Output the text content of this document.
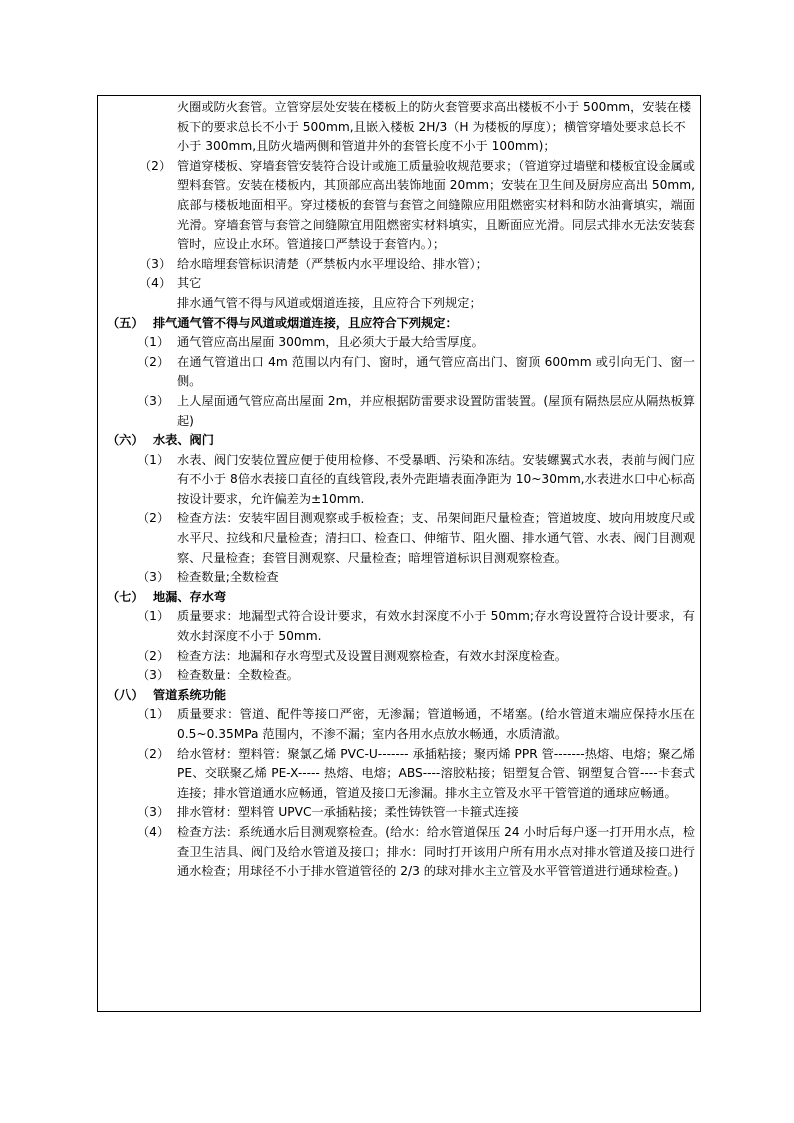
火圈或防火套管。立管穿层处安装在楼板上的防火套管要求高出楼板不小于 500mm，安装在楼板下的要求总长不小于 500mm,且嵌入楼板 2H/3（H 为楼板的厚度）；横管穿墙处要求总长不小于 300mm,且防火墙两侧和管道井外的套管长度不小于 100mm)；
（2） 管道穿楼板、穿墙套管安装符合设计或施工质量验收规范要求；（管道穿过墙壁和楼板宜设金属或塑料套管。安装在楼板内，其顶部应高出装饰地面 20mm；安装在卫生间及厨房应高出 50mm,底部与楼板地面相平。穿过楼板的套管与套管之间缝隙应用阻燃密实材料和防水油膏填实，端面光滑。穿墙套管与套管之间缝隙宜用阻燃密实材料填实，且断面应光滑。同层式排水无法安装套管时，应设止水环。管道接口严禁设于套管内。）；
（3） 给水暗埋套管标识清楚（严禁板内水平埋设给、排水管）；
（4） 其它
排水通气管不得与风道或烟道连接，且应符合下列规定；
（五） 排气通气管不得与风道或烟道连接，且应符合下列规定：
（1） 通气管应高出屋面 300mm，且必须大于最大给雪厚度。
（2） 在通气管道出口 4m 范围以内有门、窗时，通气管应高出门、窗顶 600mm 或引向无门、窗一侧。
（3） 上人屋面通气管应高出屋面 2m，并应根据防雷要求设置防雷装置。(屋顶有隔热层应从隔热板算起)
（六） 水表、阀门
（1） 水表、阀门安装位置应便于使用检修、不受暴晒、污染和冻结。安装螺翼式水表，表前与阀门应有不小于 8倍水表接口直径的直线管段,表外壳距墙表面净距为 10~30mm,水表进水口中心标高按设计要求，允许偏差为±10mm.
（2） 检查方法：安装牢固目测观察或手板检查；支、吊架间距尺量检查；管道坡度、坡向用坡度尺或水平尺、拉线和尺量检查；清扫口、检查口、伸缩节、阻火圈、排水通气管、水表、阀门目测观察、尺量检查；套管目测观察、尺量检查；暗埋管道标识目测观察检查。
（3） 检查数量;全数检查
（七） 地漏、存水弯
（1） 质量要求：地漏型式符合设计要求，有效水封深度不小于 50mm;存水弯设置符合设计要求，有效水封深度不小于 50mm.
（2） 检查方法：地漏和存水弯型式及设置目测观察检查，有效水封深度检查。
（3） 检查数量：全数检查。
（八） 管道系统功能
（1） 质量要求：管道、配件等接口严密，无渗漏；管道畅通，不堵塞。(给水管道末端应保持水压在 0.5~0.35MPa 范围内，不渗不漏；室内各用水点放水畅通，水质清澈。
（2） 给水管材：塑料管：聚氯乙烯 PVC-U------- 承插粘接；聚丙烯 PPR 管-------热熔、电熔；聚乙烯 PE、交联聚乙烯 PE-X----- 热熔、电熔；ABS----溶胶粘接；铝塑复合管、钢塑复合管----卡套式连接；排水管道通水应畅通，管道及接口无渗漏。排水主立管及水平干管管道的通球应畅通。
（3） 排水管材：塑料管 UPVC一承插粘接；柔性铸铁管一卡箍式连接
（4） 检查方法：系统通水后目测观察检查。(给水：给水管道保压 24 小时后每户逐一打开用水点，检查卫生洁具、阀门及给水管道及接口；排水：同时打开该用户所有用水点对排水管道及接口进行通水检查；用球径不小于排水管道管径的 2/3 的球对排水主立管及水平管管道进行通球检查。)
